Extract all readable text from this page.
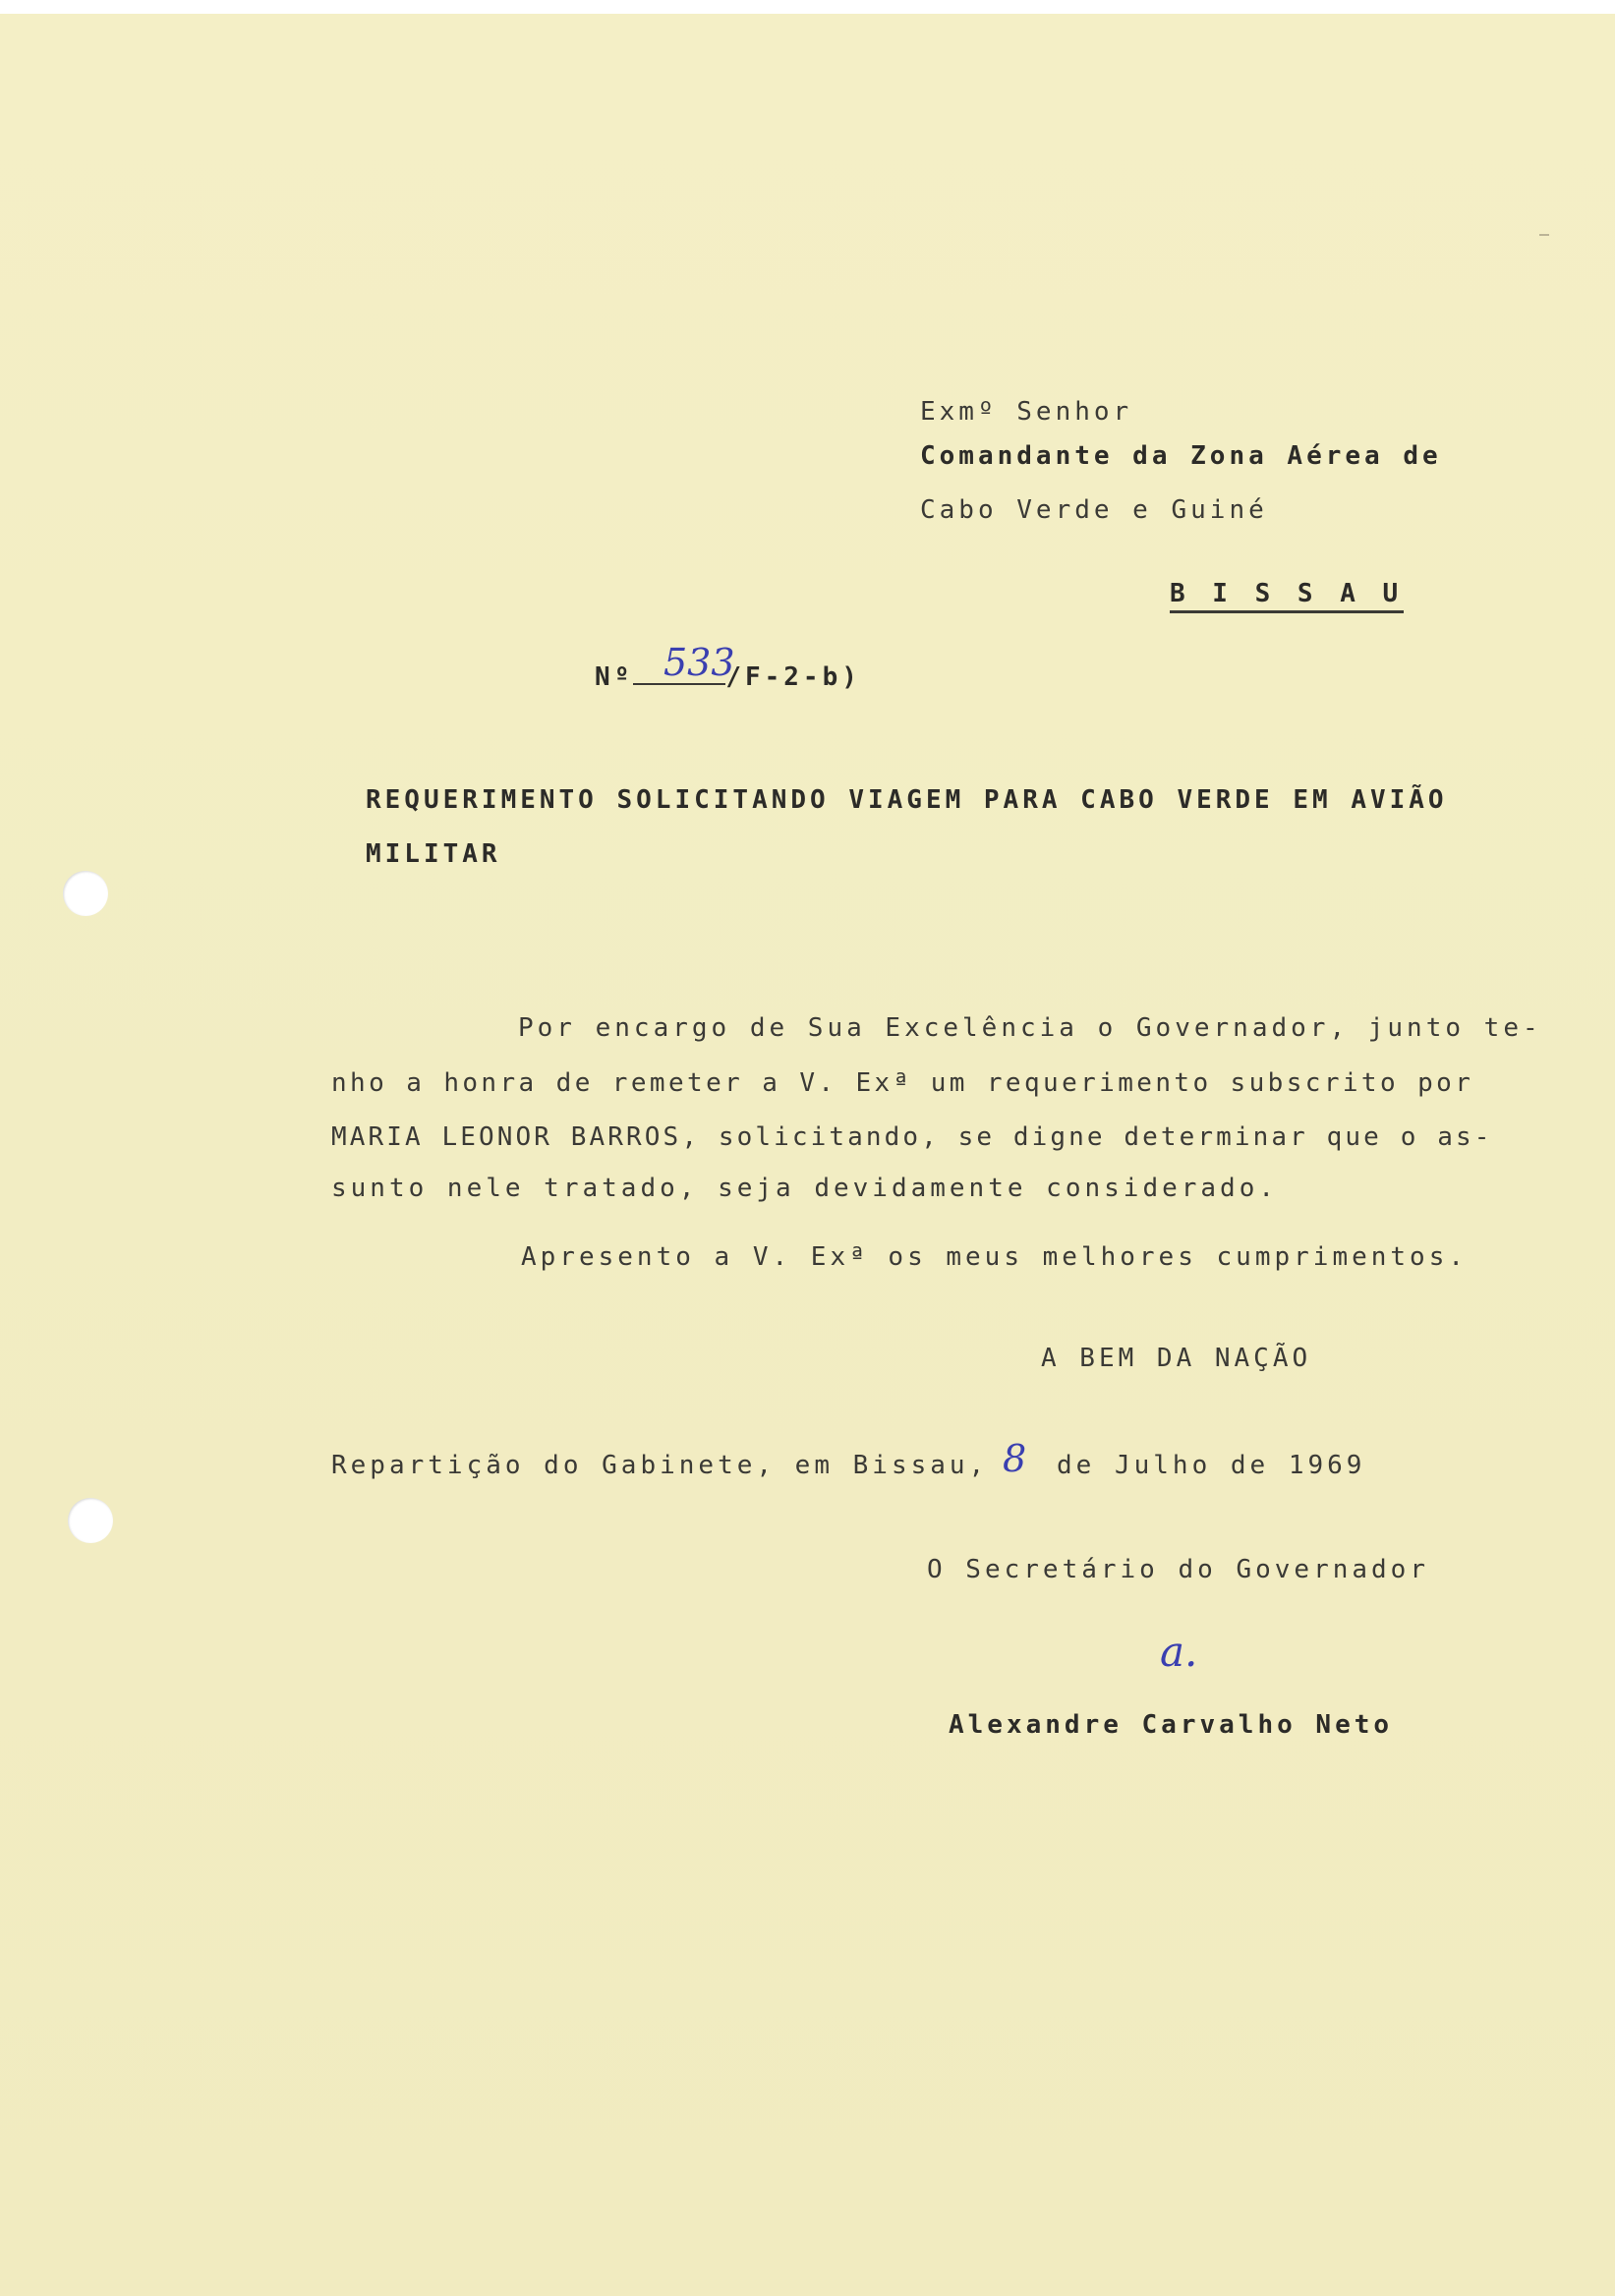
Exmº Senhor
Comandante da Zona Aérea de
Cabo Verde e Guiné
B I S S A U
Nº	/F-2-b)
533
REQUERIMENTO SOLICITANDO VIAGEM PARA CABO VERDE EM AVIÃO
MILITAR
Por encargo de Sua Excelência o Governador, junto te-
nho a honra de remeter a V. Exª um requerimento subscrito por
MARIA LEONOR BARROS, solicitando, se digne determinar que o as-
sunto nele tratado, seja devidamente considerado.
Apresento a V. Exª os meus melhores cumprimentos.
A BEM DA NAÇÃO
Repartição do Gabinete, em Bissau, 8 de Julho de 1969
O Secretário do Governador
a.
Alexandre Carvalho Neto
